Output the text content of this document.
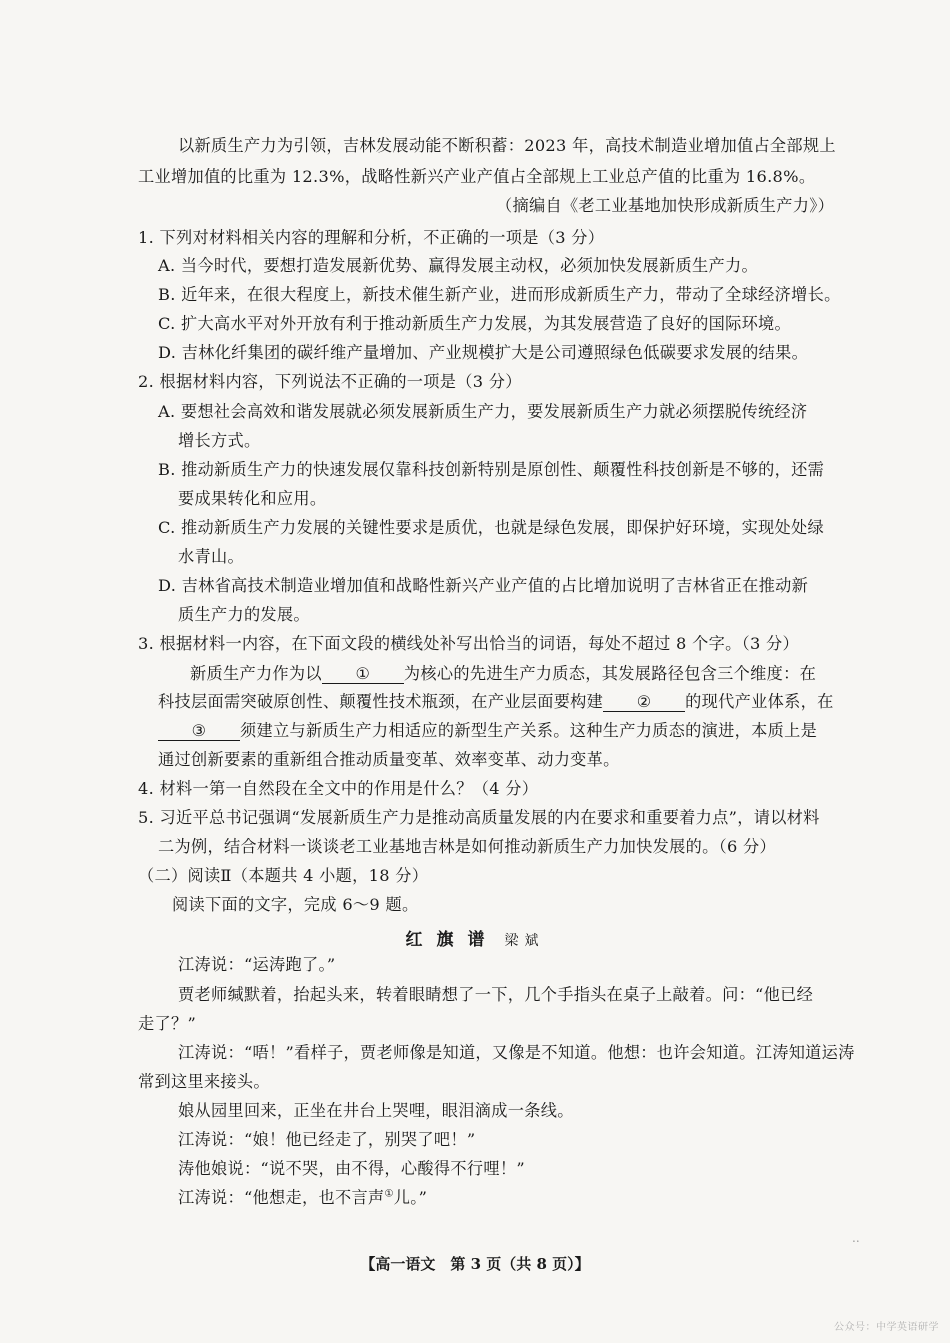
以新质生产力为引领，吉林发展动能不断积蓄：2023 年，高技术制造业增加值占全部规上
工业增加值的比重为 12.3%，战略性新兴产业产值占全部规上工业总产值的比重为 16.8%。
（摘编自《老工业基地加快形成新质生产力》）
1. 下列对材料相关内容的理解和分析，不正确的一项是（3 分）
A. 当今时代，要想打造发展新优势、赢得发展主动权，必须加快发展新质生产力。
B. 近年来，在很大程度上，新技术催生新产业，进而形成新质生产力，带动了全球经济增长。
C. 扩大高水平对外开放有利于推动新质生产力发展，为其发展营造了良好的国际环境。
D. 吉林化纤集团的碳纤维产量增加、产业规模扩大是公司遵照绿色低碳要求发展的结果。
2. 根据材料内容，下列说法不正确的一项是（3 分）
A. 要想社会高效和谐发展就必须发展新质生产力，要发展新质生产力就必须摆脱传统经济
增长方式。
B. 推动新质生产力的快速发展仅靠科技创新特别是原创性、颠覆性科技创新是不够的，还需
要成果转化和应用。
C. 推动新质生产力发展的关键性要求是质优，也就是绿色发展，即保护好环境，实现处处绿
水青山。
D. 吉林省高技术制造业增加值和战略性新兴产业产值的占比增加说明了吉林省正在推动新
质生产力的发展。
3. 根据材料一内容，在下面文段的横线处补写出恰当的词语，每处不超过 8 个字。（3 分）
新质生产力作为以 ① 为核心的先进生产力质态，其发展路径包含三个维度：在
科技层面需突破原创性、颠覆性技术瓶颈，在产业层面要构建 ② 的现代产业体系，在
③ 须建立与新质生产力相适应的新型生产关系。这种生产力质态的演进，本质上是
通过创新要素的重新组合推动质量变革、效率变革、动力变革。
4. 材料一第一自然段在全文中的作用是什么？（4 分）
5. 习近平总书记强调“发展新质生产力是推动高质量发展的内在要求和重要着力点”，请以材料
二为例，结合材料一谈谈老工业基地吉林是如何推动新质生产力加快发展的。（6 分）
（二）阅读Ⅱ（本题共 4 小题，18 分）
阅读下面的文字，完成 6～9 题。
红旗谱 梁斌
江涛说：“运涛跑了。”
贾老师缄默着，抬起头来，转着眼睛想了一下，几个手指头在桌子上敲着。问：“他已经
走了？”
江涛说：“唔！”看样子，贾老师像是知道，又像是不知道。他想：也许会知道。江涛知道运涛
常到这里来接头。
娘从园里回来，正坐在井台上哭哩，眼泪滴成一条线。
江涛说：“娘！他已经走了，别哭了吧！”
涛他娘说：“说不哭，由不得，心酸得不行哩！”
江涛说：“他想走，也不言声①儿。”
..
【高一语文　第 3 页（共 8 页）】
公众号：中学英语研学
